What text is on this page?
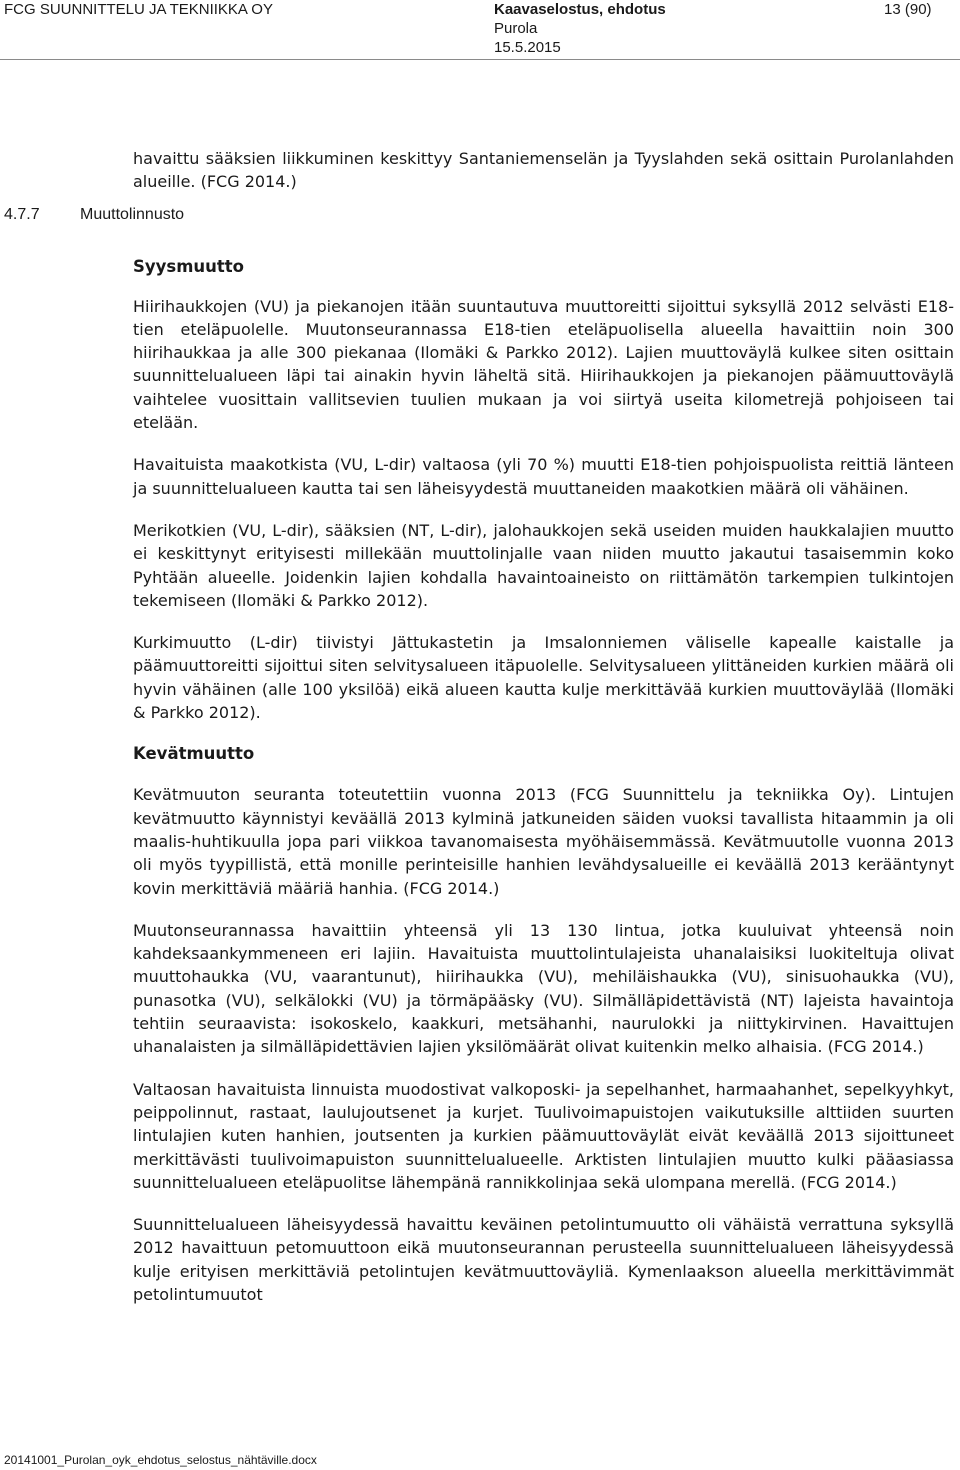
FCG SUUNNITTELU JA TEKNIIKKA OY	Kaavaselostus, ehdotus
Purola
15.5.2015
13 (90)
4.7.7	Muuttolinnusto

havaittu sääksien liikkuminen keskittyy Santaniemenselän ja Tyyslahden sekä osittain Purolanlahden alueille. (FCG 2014.)

Syysmuutto

Hiirihaukkojen (VU) ja piekanojen itään suuntautuva muuttoreitti sijoittui syksyllä 2012 selvästi E18-tien eteläpuolelle. Muutonseurannassa E18-tien eteläpuolisella alueella havaittiin noin 300 hiirihaukkaa ja alle 300 piekanaa (Ilomäki & Parkko 2012). Lajien muuttoväylä kulkee siten osittain suunnittelualueen läpi tai ainakin hyvin läheltä sitä. Hiirihaukkojen ja piekanojen päämuuttoväylä vaihtelee vuosittain vallitsevien tuulien mukaan ja voi siirtyä useita kilometrejä pohjoiseen tai etelään.

Havaituista maakotkista (VU, L-dir) valtaosa (yli 70 %) muutti E18-tien pohjoispuolista reittiä länteen ja suunnittelualueen kautta tai sen läheisyydestä muuttaneiden maakotkien määrä oli vähäinen.

Merikotkien (VU, L-dir), sääksien (NT, L-dir), jalohaukkojen sekä useiden muiden haukkalajien muutto ei keskittynyt erityisesti millekään muuttolinjalle vaan niiden muutto jakautui tasaisemmin koko Pyhtään alueelle. Joidenkin lajien kohdalla havaintoaineisto on riittämätön tarkempien tulkintojen tekemiseen (Ilomäki & Parkko 2012).

Kurkimuutto (L-dir) tiivistyi Jättukastetin ja Imsalonniemen väliselle kapealle kaistalle ja päämuuttoreitti sijoittui siten selvitysalueen itäpuolelle. Selvitysalueen ylittäneiden kurkien määrä oli hyvin vähäinen (alle 100 yksilöä) eikä alueen kautta kulje merkittävää kurkien muuttoväylää (Ilomäki & Parkko 2012).

Kevätmuutto

Kevätmuuton seuranta toteutettiin vuonna 2013 (FCG Suunnittelu ja tekniikka Oy). Lintujen kevätmuutto käynnistyi keväällä 2013 kylminä jatkuneiden säiden vuoksi tavallista hitaammin ja oli maalis-huhtikuulla jopa pari viikkoa tavanomaisesta myöhäisemmässä. Kevätmuutolle vuonna 2013 oli myös tyypillistä, että monille perinteisille hanhien levähdysalueille ei keväällä 2013 kerääntynyt kovin merkittäviä määriä hanhia. (FCG 2014.)

Muutonseurannassa havaittiin yhteensä yli 13 130 lintua, jotka kuuluivat yhteensä noin kahdeksaankymmeneen eri lajiin. Havaituista muuttolintulajeista uhanalaisiksi luokiteltuja olivat muuttohaukka (VU, vaarantunut), hiirihaukka (VU), mehiläishaukka (VU), sinisuohaukka (VU), punasotka (VU), selkälokki (VU) ja törmäpääsky (VU). Silmälläpidettävistä (NT) lajeista havaintoja tehtiin seuraavista: isokoskelo, kaakkuri, metsähanhi, naurulokki ja niittykirvinen. Havaittujen uhanalaisten ja silmälläpidettävien lajien yksilömäärät olivat kuitenkin melko alhaisia. (FCG 2014.)

Valtaosan havaituista linnuista muodostivat valkoposki- ja sepelhanhet, harmaahanhet, sepelkyyhkyt, peippolinnut, rastaat, laulujoutsenet ja kurjet. Tuulivoimapuistojen vaikutuksille alttiiden suurten lintulajien kuten hanhien, joutsenten ja kurkien päämuuttoväylät eivät keväällä 2013 sijoittuneet merkittävästi tuulivoimapuiston suunnittelualueelle. Arktisten lintulajien muutto kulki pääasiassa suunnittelualueen eteläpuolitse lähempänä rannikkolinjaa sekä ulompana merellä. (FCG 2014.)

Suunnittelualueen läheisyydessä havaittu keväinen petolintumuutto oli vähäistä verrattuna syksyllä 2012 havaittuun petomuuttoon eikä muutonseurannan perusteella suunnittelualueen läheisyydessä kulje erityisen merkittäviä petolintujen kevätmuuttoväyliä. Kymenlaakson alueella merkittävimmät petolintumuutot

20141001_Purolan_oyk_ehdotus_selostus_nähtäville.docx
